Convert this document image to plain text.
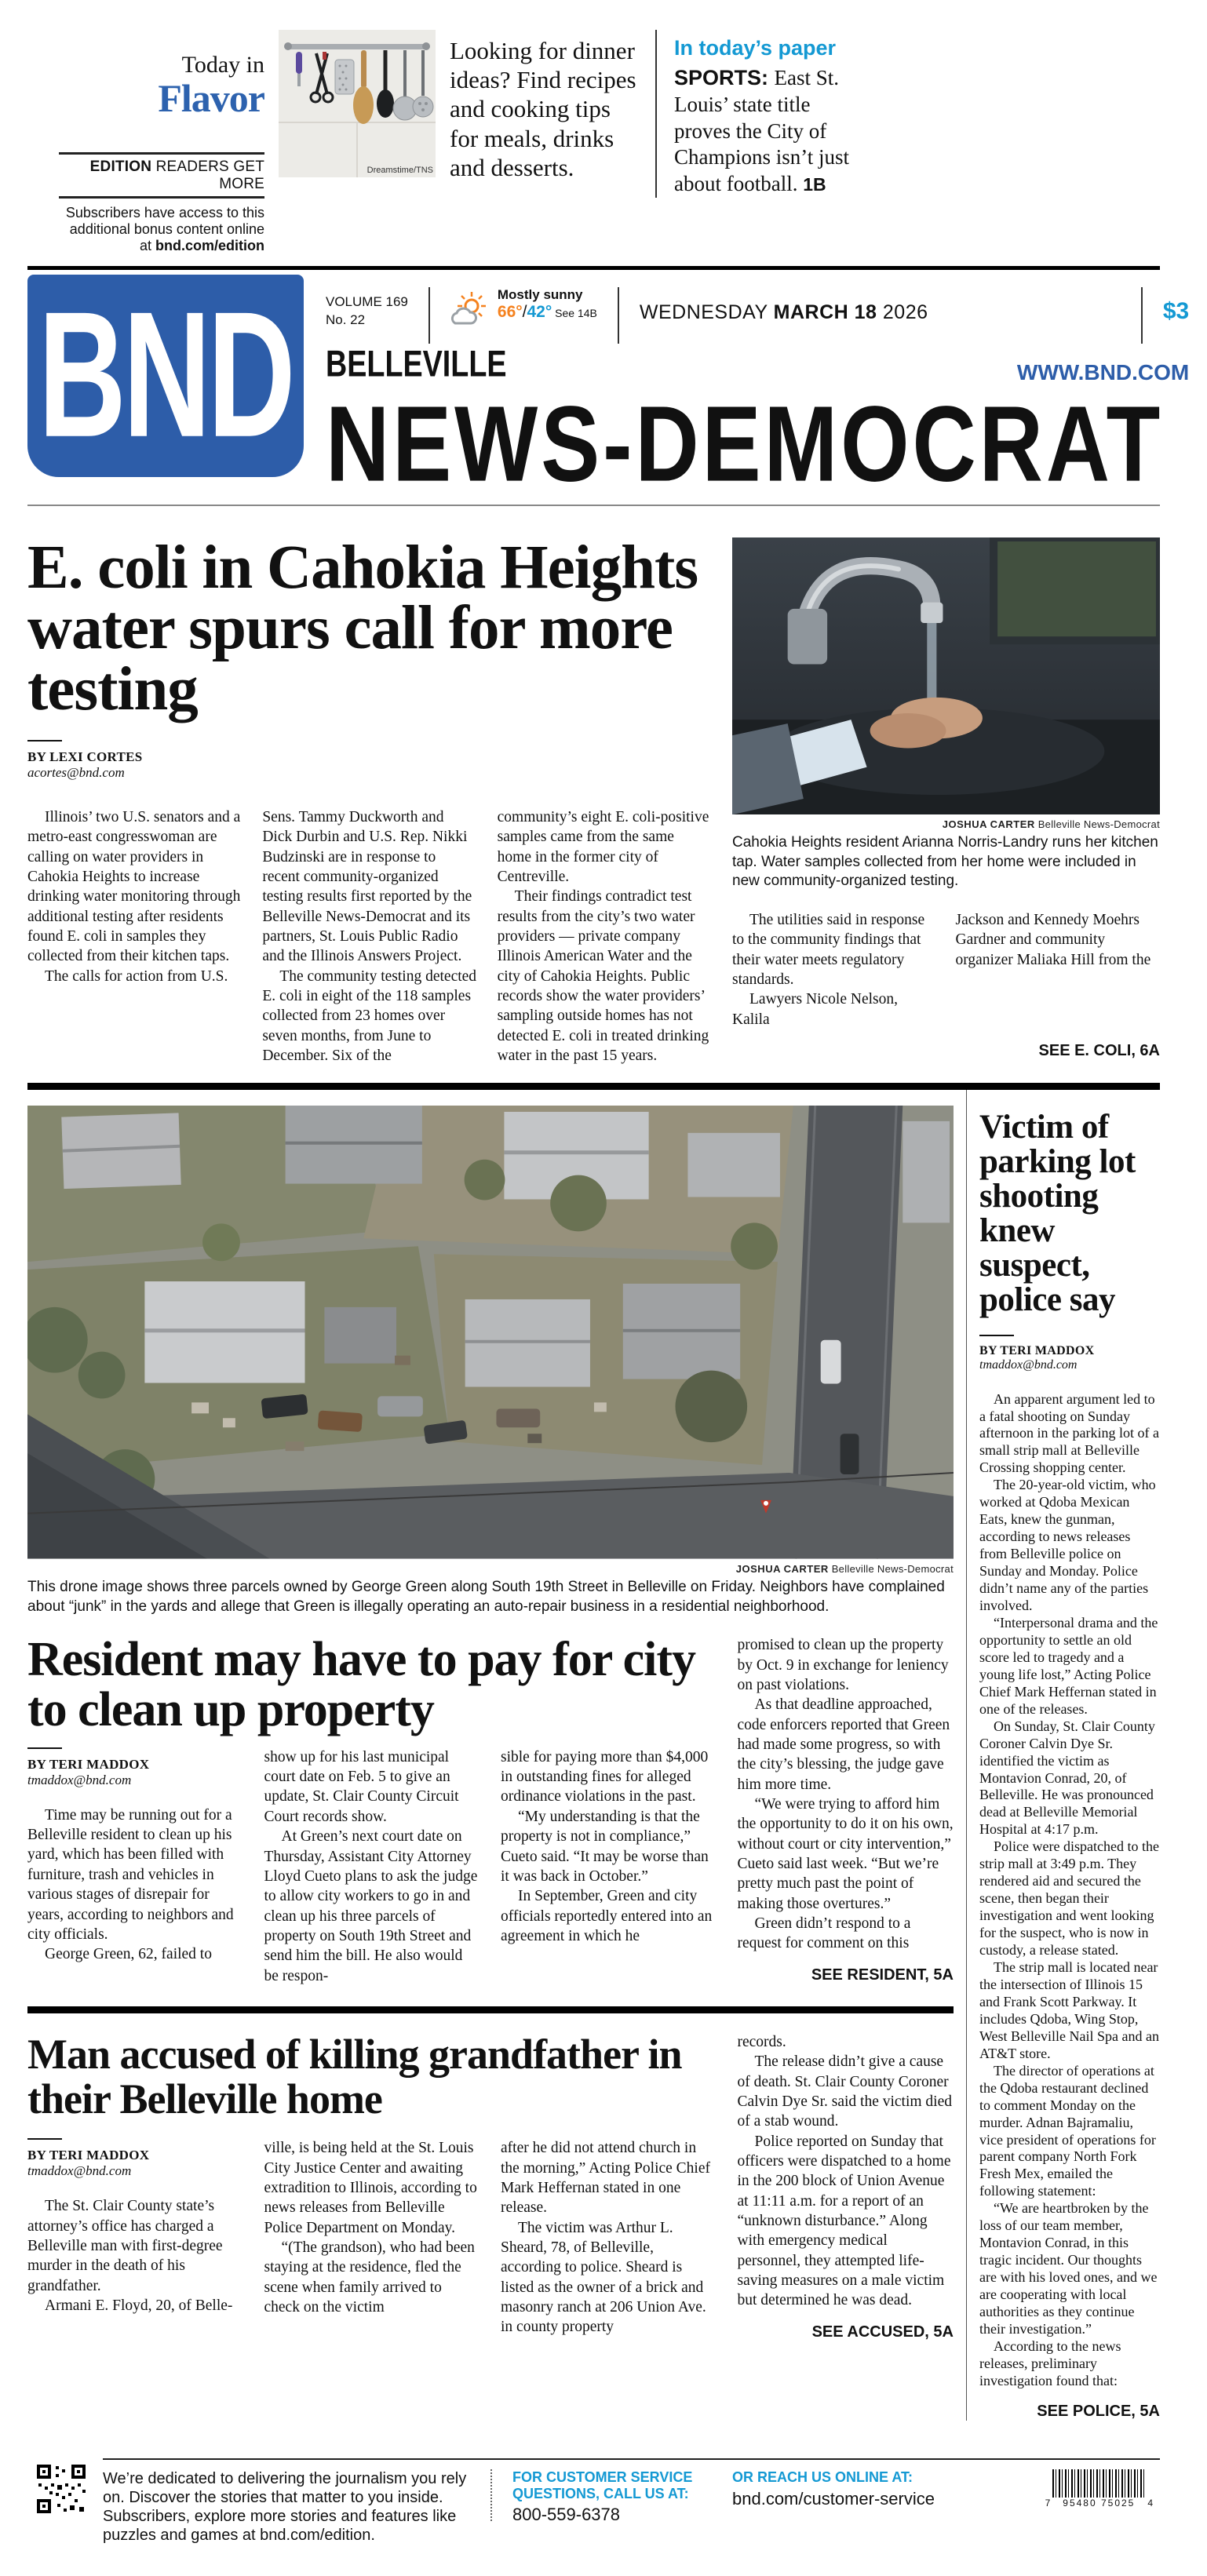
Today in
Flavor
EDITION READERS GET MORE
Subscribers have access to this additional bonus content online at bnd.com/edition
Dreamstime/TNS
Looking for dinner ideas? Find recipes and cooking tips for meals, drinks and desserts.
In today’s paper
SPORTS: East St. Louis’ state title proves the City of Champions isn’t just about football. 1B
BND VOLUME 169
No. 22
Mostly sunny
66°/42° See 14B WEDNESDAY MARCH 18 2026	$3
BELLEVILLE	WWW.BND.COM
NEWS-DEMOCRAT
E. coli in Cahokia Heights water spurs call for more testing
BY LEXI CORTES
acortes@bnd.com

Illinois’ two U.S. senators and a metro-east congresswoman are calling on water providers in Cahokia Heights to increase drinking water monitoring through additional testing after residents found E. coli in samples they collected from their kitchen taps.

The calls for action from U.S.

Sens. Tammy Duckworth and Dick Durbin and U.S. Rep. Nikki Budzinski are in response to recent community-organized testing results first reported by the Belleville News-Democrat and its partners, St. Louis Public Radio and the Illinois Answers Project.

The community testing detected E. coli in eight of the 118 samples collected from 23 homes over seven months, from June to December. Six of the

community’s eight E. coli-positive samples came from the same home in the former city of Centreville.

Their findings contradict test results from the city’s two water providers — private company Illinois American Water and the city of Cahokia Heights. Public records show the water providers’ sampling outside homes has not detected E. coli in treated drinking water in the past 15 years.

JOSHUA CARTER Belleville News-Democrat
Cahokia Heights resident Arianna Norris-Landry runs her kitchen tap. Water samples collected from her home were included in new community-organized testing.

The utilities said in response to the community findings that their water meets regulatory standards.

Lawyers Nicole Nelson, Kalila

Jackson and Kennedy Moehrs Gardner and community organizer Maliaka Hill from the

SEE E. COLI, 6A
JOSHUA CARTER Belleville News-Democrat
This drone image shows three parcels owned by George Green along South 19th Street in Belleville on Friday. Neighbors have complained about “junk” in the yards and allege that Green is illegally operating an auto-repair business in a residential neighborhood.
Resident may have to pay for city to clean up property

promised to clean up the property by Oct. 9 in exchange for leniency on past violations.

As that deadline approached, code enforcers reported that Green had made some progress, so with the city’s blessing, the judge gave him more time.

“We were trying to afford him the opportunity to do it on his own, without court or city intervention,” Cueto said last week. “But we’re pretty much past the point of making those overtures.”

Green didn’t respond to a request for comment on this

SEE RESIDENT, 5A
BY TERI MADDOX
tmaddox@bnd.com

Time may be running out for a Belleville resident to clean up his yard, which has been filled with furniture, trash and vehicles in various stages of disrepair for years, according to neighbors and city officials.

George Green, 62, failed to

show up for his last municipal court date on Feb. 5 to give an update, St. Clair County Circuit Court records show.

At Green’s next court date on Thursday, Assistant City Attorney Lloyd Cueto plans to ask the judge to allow city workers to go in and clean up his three parcels of property on South 19th Street and send him the bill. He also would be respon-

sible for paying more than $4,000 in outstanding fines for alleged ordinance violations in the past.

“My understanding is that the property is not in compliance,” Cueto said. “It may be worse than it was back in October.”

In September, Green and city officials reportedly entered into an agreement in which he

Man accused of killing grandfather in their Belleville home

records.

The release didn’t give a cause of death. St. Clair County Coroner Calvin Dye Sr. said the victim died of a stab wound.

Police reported on Sunday that officers were dispatched to a home in the 200 block of Union Avenue at 11:11 a.m. for a report of an “unknown disturbance.” Along with emergency medical personnel, they attempted life-saving measures on a male victim but determined he was dead.

SEE ACCUSED, 5A
BY TERI MADDOX
tmaddox@bnd.com

The St. Clair County state’s attorney’s office has charged a Belleville man with first-degree murder in the death of his grandfather.

Armani E. Floyd, 20, of Belle-

ville, is being held at the St. Louis City Justice Center and awaiting extradition to Illinois, according to news releases from Belleville Police Department on Monday.

“(The grandson), who had been staying at the residence, fled the scene when family arrived to check on the victim

after he did not attend church in the morning,” Acting Police Chief Mark Heffernan stated in one release.

The victim was Arthur L. Sheard, 78, of Belleville, according to police. Sheard is listed as the owner of a brick and masonry ranch at 206 Union Ave. in county property

Victim of parking lot shooting knew suspect, police say
BY TERI MADDOX
tmaddox@bnd.com

An apparent argument led to a fatal shooting on Sunday afternoon in the parking lot of a small strip mall at Belleville Crossing shopping center.

The 20-year-old victim, who worked at Qdoba Mexican Eats, knew the gunman, according to news releases from Belleville police on Sunday and Monday. Police didn’t name any of the parties involved.

“Interpersonal drama and the opportunity to settle an old score led to tragedy and a young life lost,” Acting Police Chief Mark Heffernan stated in one of the releases.

On Sunday, St. Clair County Coroner Calvin Dye Sr. identified the victim as Montavion Conrad, 20, of Belleville. He was pronounced dead at Belleville Memorial Hospital at 4:17 p.m.

Police were dispatched to the strip mall at 3:49 p.m. They rendered aid and secured the scene, then began their investigation and went looking for the suspect, who is now in custody, a release stated.

The strip mall is located near the intersection of Illinois 15 and Frank Scott Parkway. It includes Qdoba, Wing Stop, West Belleville Nail Spa and an AT&T store.

The director of operations at the Qdoba restaurant declined to comment Monday on the murder. Adnan Bajramaliu, vice president of operations for parent company North Fork Fresh Mex, emailed the following statement:

“We are heartbroken by the loss of our team member, Montavion Conrad, in this tragic incident. Our thoughts are with his loved ones, and we are cooperating with local authorities as they continue their investigation.”

According to the news releases, preliminary investigation found that:

SEE POLICE, 5A
We’re dedicated to delivering the journalism you rely on. Discover the stories that matter to you inside. Subscribers, explore more stories and features like puzzles and games at bnd.com/edition.
FOR CUSTOMER SERVICE QUESTIONS, CALL US AT:
800-559-6378
OR REACH US ONLINE AT:
bnd.com/customer-service	7	95480 75025	4
